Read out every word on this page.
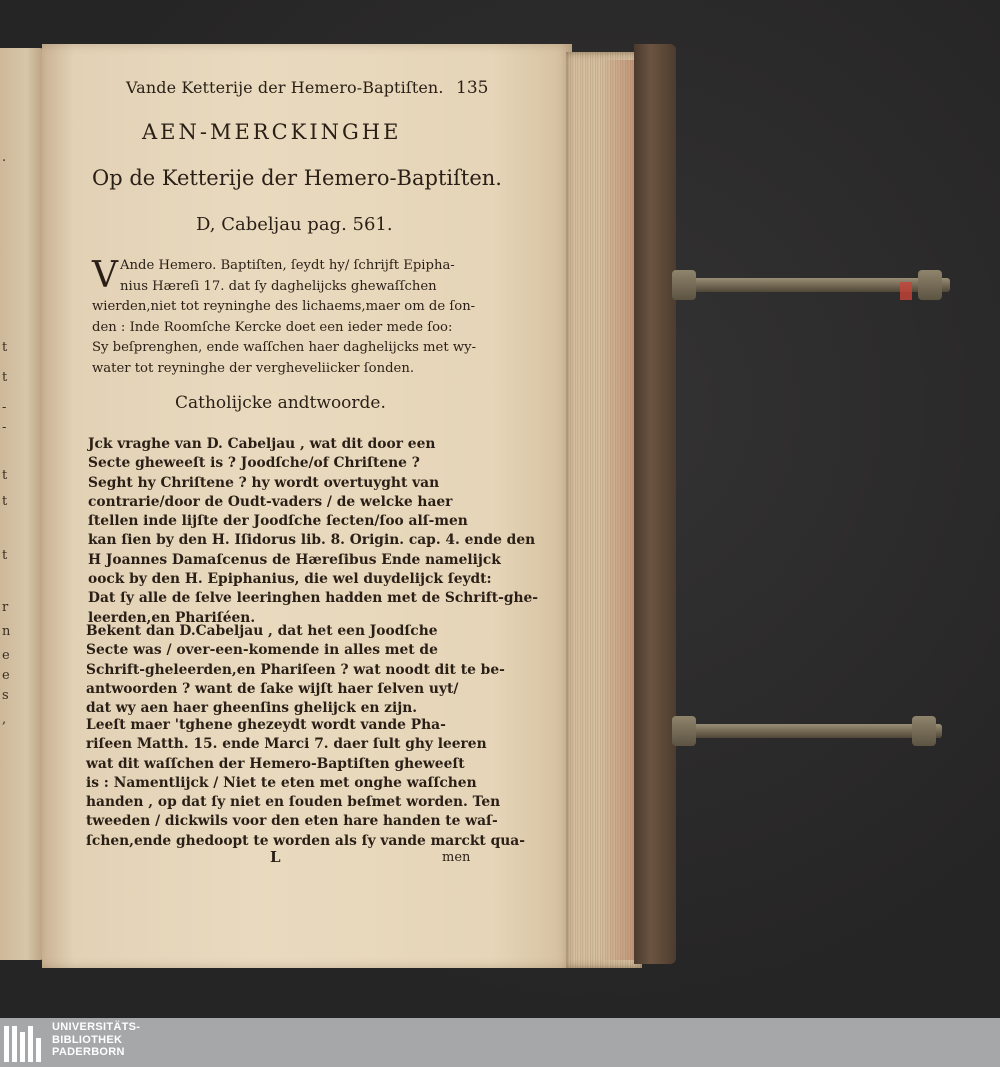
.
t
t
-
-
t
t
t
r
n
e
e
s
,
Vande Ketterije der Hemero-Baptiſten. 135
AEN-MERCKINGHE
Op de Ketterije der Hemero-Baptiſten.
D, Cabeljau pag. 561.
V Ande Hemero. Baptiſten, ſeydt hy/ ſchrijft Epipha-
nius Hæreſi 17. dat ſy daghelijcks ghewaſſchen
wierden,niet tot reyninghe des lichaems,maer om de ſon-
den : Inde Roomſche Kercke doet een ieder mede ſoo:
Sy beſprenghen, ende waſſchen haer daghelijcks met wy-
water tot reyninghe der vergheveliicker ſonden.
Catholijcke andtwoorde.
Jck vraghe van D. Cabeljau , wat dit door een
Secte ghewееſt is ? Joodſche/of Chriſtene ?
Seght hy Chriſtene ? hy wordt overtuyght van
contrarie/door de Oudt-vaders / de welcke haer
ſtellen inde lijſte der Joodſche ſecten/ſoo alſ-men
kan ſien by den H. Iſidorus lib. 8. Origin. cap. 4. ende den
H Joannes Damaſcenus de Hæreſibus Ende namelijck
oock by den H. Epiphanius, die wel duydelijck ſeydt:
Dat ſy alle de ſelve leeringhen hadden met de Schrift-ghe-
leerden,en Phariſéen.
Bekent dan D.Cabeljau , dat het een Joodſche
Secte was / over-een-komende in alles met de
Schrift-gheleerden,en Phariſeen ? wat noodt dit te be-
antwoorden ? want de ſake wijſt haer ſelven uyt/
dat wy aen haer gheenſins ghelijck en zijn.
Leeſt maer 'tghene ghezeydt wordt vande Pha-
riſeen Matth. 15. ende Marci 7. daer ſult ghy leeren
wat dit waſſchen der Hemero-Baptiſten gheweeſt
is : Namentlijck / Niet te eten met onghe waſſchen
handen , op dat ſy niet en ſouden beſmet worden. Ten
tweeden / dickwils voor den eten hare handen te waſ-
ſchen,ende ghedoopt te worden als ſy vande marckt qua-
L	men
UNIVERSITÄTS-
BIBLIOTHEK
PADERBORN
